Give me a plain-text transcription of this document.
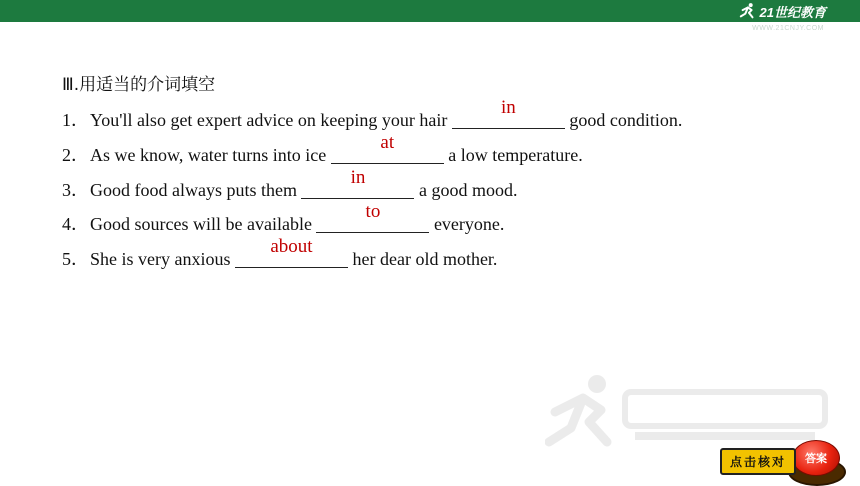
21世纪教育
WWW.21CNJY.COM
Ⅲ.用适当的介词填空
1．You'll also get expert advice on keeping your hair
in
good condition.
2．As we know, water turns into ice
at
a low temperature.
3．Good food always puts them
in
a good mood.
4．Good sources will be available
to
everyone.
5．She is very anxious
about
her dear old mother.
点击核对	答案
